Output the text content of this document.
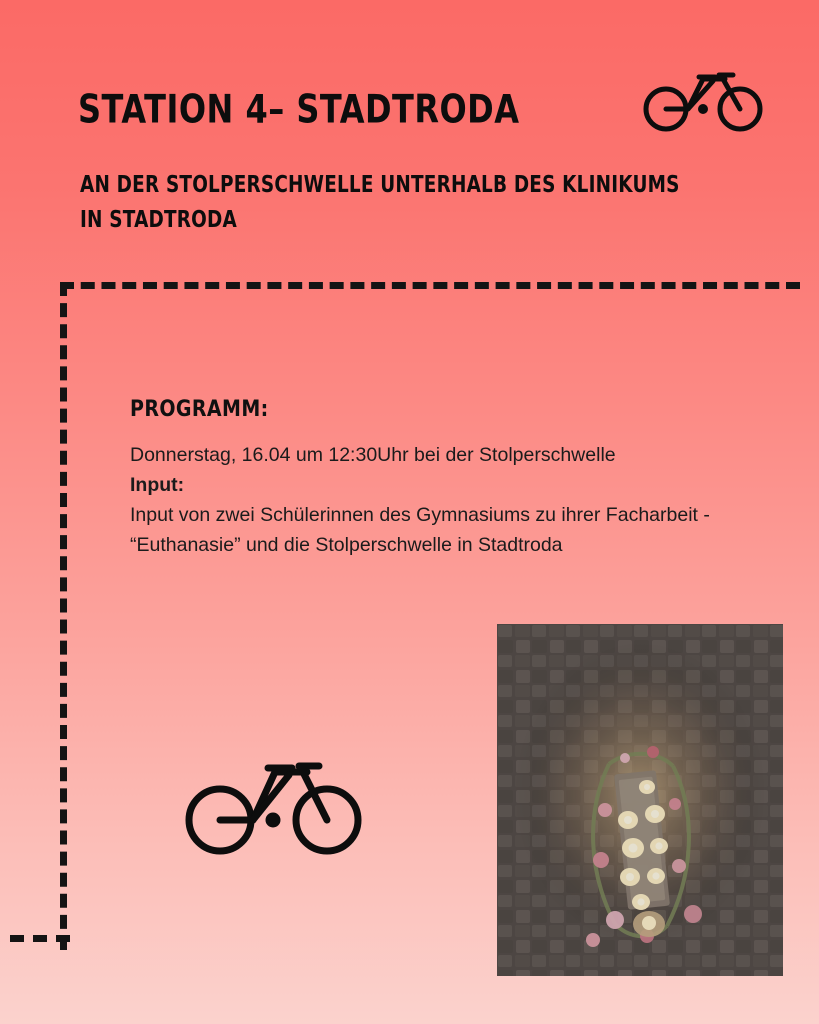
STATION 4– STADTRODA
AN DER STOLPERSCHWELLE UNTERHALB DES KLINIKUMS IN STADTRODA
PROGRAMM:
Donnerstag, 16.04 um 12:30Uhr bei der Stolperschwelle
Input:
Input von zwei Schülerinnen des Gymnasiums zu ihrer Facharbeit - “Euthanasie” und die Stolperschwelle in Stadtroda
